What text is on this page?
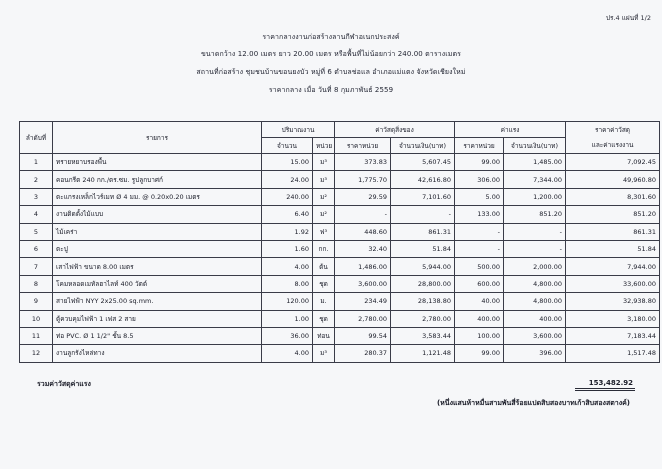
ปร.4 แผ่นที่ 1/2
ราคากลางงานก่อสร้างลานกีฬาอเนกประสงค์
ขนาดกว้าง 12.00 เมตร ยาว 20.00 เมตร หรือพื้นที่ไม่น้อยกว่า 240.00 ตารางเมตร
สถานที่ก่อสร้าง ชุมชนบ้านขอนยงบัว หมู่ที่ 6 ตำบลช่อแล อำเภอแม่แตง จังหวัดเชียงใหม่
ราคากลาง เมื่อ วันที่ 8 กุมภาพันธ์ 2559
ลำดับที่	รายการ	ปริมาณงาน		ค่าวัสดุสิ่งของ		ค่าแรง		ราคาค่าวัสดุ
		จำนวน	หน่วย	ราคาหน่วย	จำนวนเงิน(บาท)	ราคาหน่วย	จำนวนเงิน(บาท)	และค่าแรงงาน
1	ทรายหยาบรองพื้น	15.00	ม³	373.83	5,607.45	99.00	1,485.00	7,092.45
2	คอนกรีต 240 กก./ตร.ซม. รูปลูกบาศก์	24.00	ม³	1,775.70	42,616.80	306.00	7,344.00	49,960.80
3	ตะแกรงเหล็กไวร์เมท Ø 4 มม. @ 0.20x0.20 เมตร	240.00	ม²	29.59	7,101.60	5.00	1,200.00	8,301.60
4	งานติดตั้งไม้แบบ	6.40	ม²	-	-	133.00	851.20	851.20
5	ไม้เคร่า	1.92	ฟ³	448.60	861.31	-	-	861.31
6	ตะปู	1.60	กก.	32.40	51.84	-	-	51.84
7	เสาไฟฟ้า ขนาด 8.00 เมตร	4.00	ต้น	1,486.00	5,944.00	500.00	2,000.00	7,944.00
8	โคมหลอดเมทัลฮาไลท์ 400 วัตต์	8.00	ชุด	3,600.00	28,800.00	600.00	4,800.00	33,600.00
9	สายไฟฟ้า NYY 2x25.00 sq.mm.	120.00	ม.	234.49	28,138.80	40.00	4,800.00	32,938.80
10	ตู้ควบคุมไฟฟ้า 1 เฟส 2 สาย	1.00	ชุด	2,780.00	2,780.00	400.00	400.00	3,180.00
11	ท่อ PVC. Ø 1 1/2" ชั้น 8.5	36.00	ท่อน	99.54	3,583.44	100.00	3,600.00	7,183.44
12	งานลูกรังไหล่ทาง	4.00	ม³	280.37	1,121.48	99.00	396.00	1,517.48
รวมค่าวัสดุค่าแรง	153,482.92
(หนึ่งแสนห้าหมื่นสามพันสี่ร้อยแปดสิบสองบาทเก้าสิบสองสตางค์)
